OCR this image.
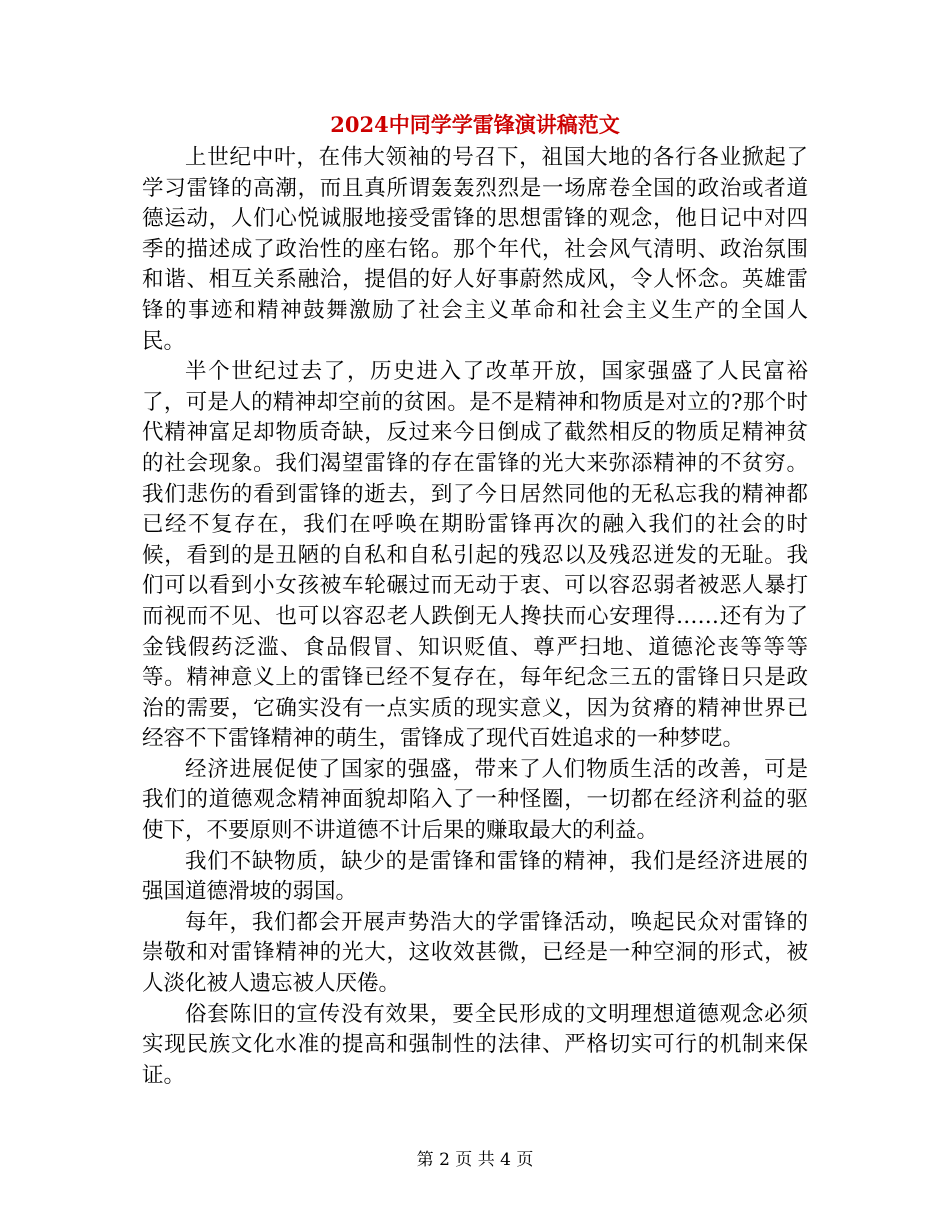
2024中同学学雷锋演讲稿范文

上世纪中叶，在伟大领袖的号召下，祖国大地的各行各业掀起了学习雷锋的高潮，而且真所谓轰轰烈烈是一场席卷全国的政治或者道德运动，人们心悦诚服地接受雷锋的思想雷锋的观念，他日记中对四季的描述成了政治性的座右铭。那个年代，社会风气清明、政治氛围和谐、相互关系融洽，提倡的好人好事蔚然成风，令人怀念。英雄雷锋的事迹和精神鼓舞激励了社会主义革命和社会主义生产的全国人民。

半个世纪过去了，历史进入了改革开放，国家强盛了人民富裕了，可是人的精神却空前的贫困。是不是精神和物质是对立的?那个时代精神富足却物质奇缺，反过来今日倒成了截然相反的物质足精神贫的社会现象。我们渴望雷锋的存在雷锋的光大来弥添精神的不贫穷。 我们悲伤的看到雷锋的逝去，到了今日居然同他的无私忘我的精神都已经不复存在，我们在呼唤在期盼雷锋再次的融入我们的社会的时候，看到的是丑陋的自私和自私引起的残忍以及残忍迸发的无耻。我们可以看到小女孩被车轮碾过而无动于衷、可以容忍弱者被恶人暴打而视而不见、也可以容忍老人跌倒无人搀扶而心安理得……还有为了金钱假药泛滥、食品假冒、知识贬值、尊严扫地、道德沦丧等等等等。精神意义上的雷锋已经不复存在，每年纪念三五的雷锋日只是政治的需要，它确实没有一点实质的现实意义，因为贫瘠的精神世界已经容不下雷锋精神的萌生，雷锋成了现代百姓追求的一种梦呓。

经济进展促使了国家的强盛，带来了人们物质生活的改善，可是我们的道德观念精神面貌却陷入了一种怪圈，一切都在经济利益的驱使下，不要原则不讲道德不计后果的赚取最大的利益。

我们不缺物质，缺少的是雷锋和雷锋的精神，我们是经济进展的强国道德滑坡的弱国。

每年，我们都会开展声势浩大的学雷锋活动，唤起民众对雷锋的崇敬和对雷锋精神的光大，这收效甚微，已经是一种空洞的形式，被人淡化被人遗忘被人厌倦。

俗套陈旧的宣传没有效果，要全民形成的文明理想道德观念必须实现民族文化水准的提高和强制性的法律、严格切实可行的机制来保证。

第 2 页 共 4 页
